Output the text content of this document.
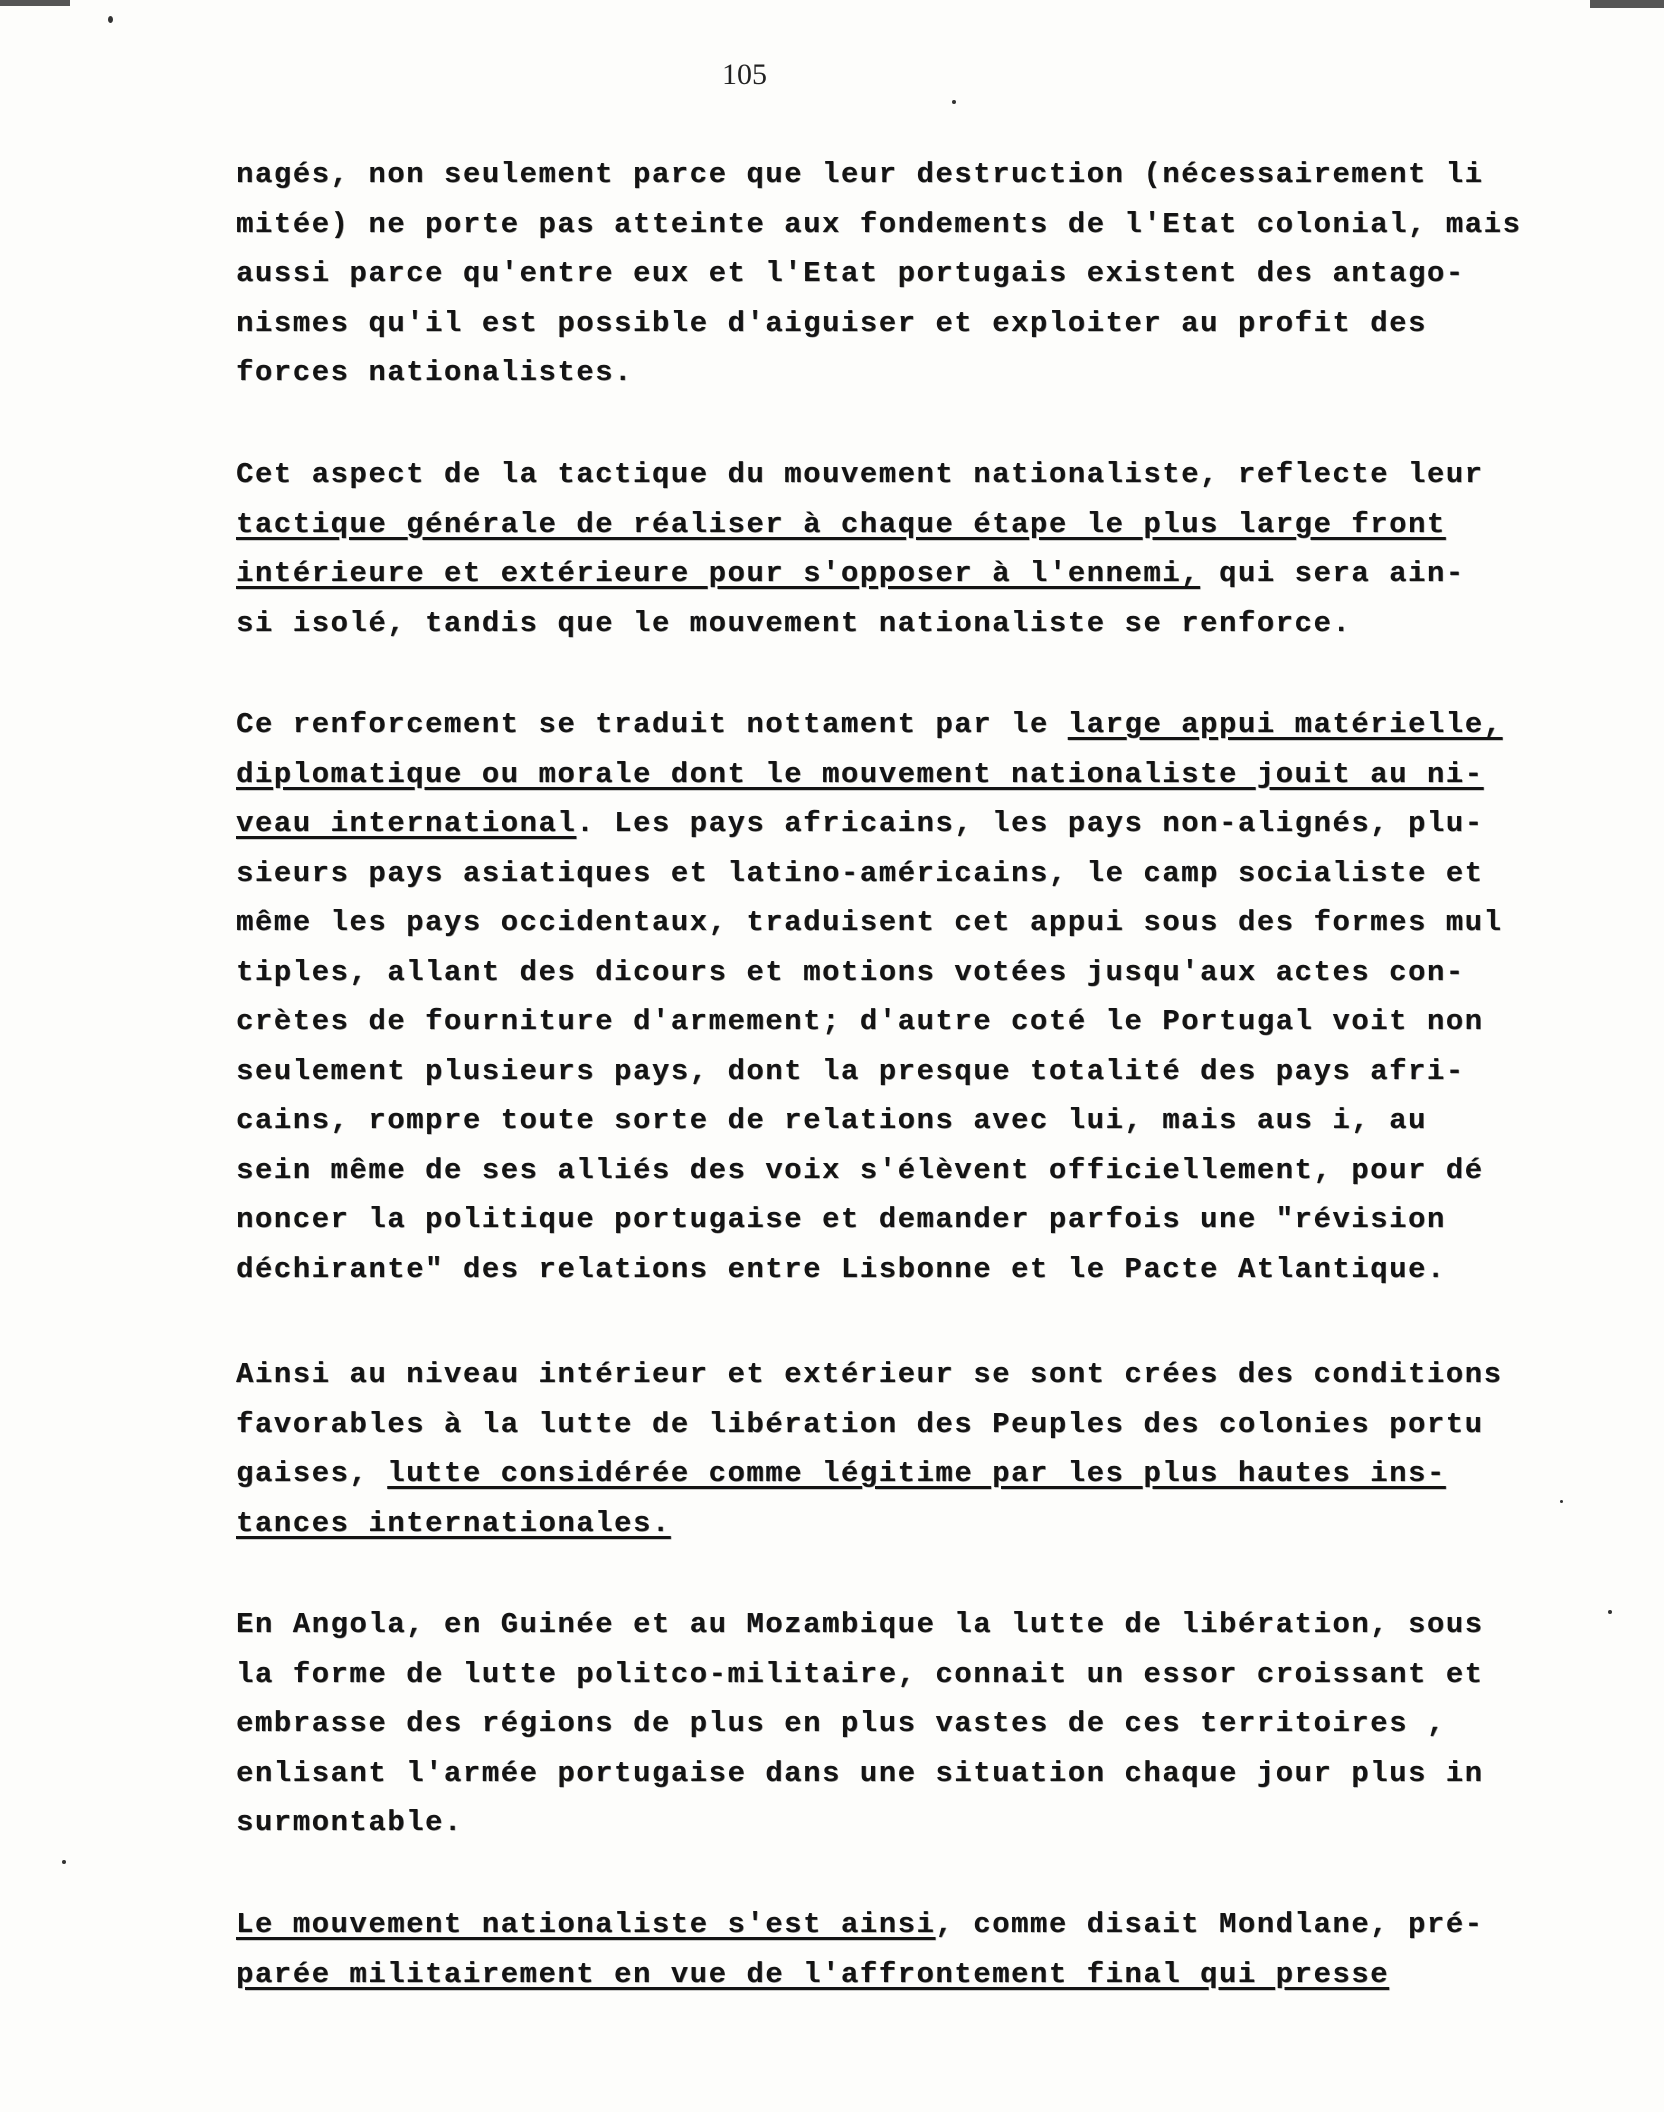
105
nagés, non seulement parce que leur destruction (nécessairement li
mitée) ne porte pas atteinte aux fondements de l'Etat colonial, mais
aussi parce qu'entre eux et l'Etat portugais existent des antago-
nismes qu'il est possible d'aiguiser et exploiter au profit des
forces nationalistes.
Cet aspect de la tactique du mouvement nationaliste, reflecte leur
tactique générale de réaliser à chaque étape le plus large front
intérieure et extérieure pour s'opposer à l'ennemi, qui sera ain-
si isolé, tandis que le mouvement nationaliste se renforce.
Ce renforcement se traduit nottament par le large appui matérielle,
diplomatique ou morale dont le mouvement nationaliste jouit au ni-
veau international. Les pays africains, les pays non-alignés, plu-
sieurs pays asiatiques et latino-américains, le camp socialiste et
même les pays occidentaux, traduisent cet appui sous des formes mul
tiples, allant des dicours et motions votées jusqu'aux actes con-
crètes de fourniture d'armement; d'autre coté le Portugal voit non
seulement plusieurs pays, dont la presque totalité des pays afri-
cains, rompre toute sorte de relations avec lui, mais aus i, au
sein même de ses alliés des voix s'élèvent officiellement, pour dé
noncer la politique portugaise et demander parfois une "révision
déchirante" des relations entre Lisbonne et le Pacte Atlantique.
Ainsi au niveau intérieur et extérieur se sont crées des conditions
favorables à la lutte de libération des Peuples des colonies portu
gaises, lutte considérée comme légitime par les plus hautes ins-
tances internationales.
En Angola, en Guinée et au Mozambique la lutte de libération, sous
la forme de lutte politco-militaire, connait un essor croissant et
embrasse des régions de plus en plus vastes de ces territoires ,
enlisant l'armée portugaise dans une situation chaque jour plus in
surmontable.
Le mouvement nationaliste s'est ainsi, comme disait Mondlane, pré-
parée militairement en vue de l'affrontement final qui presse
